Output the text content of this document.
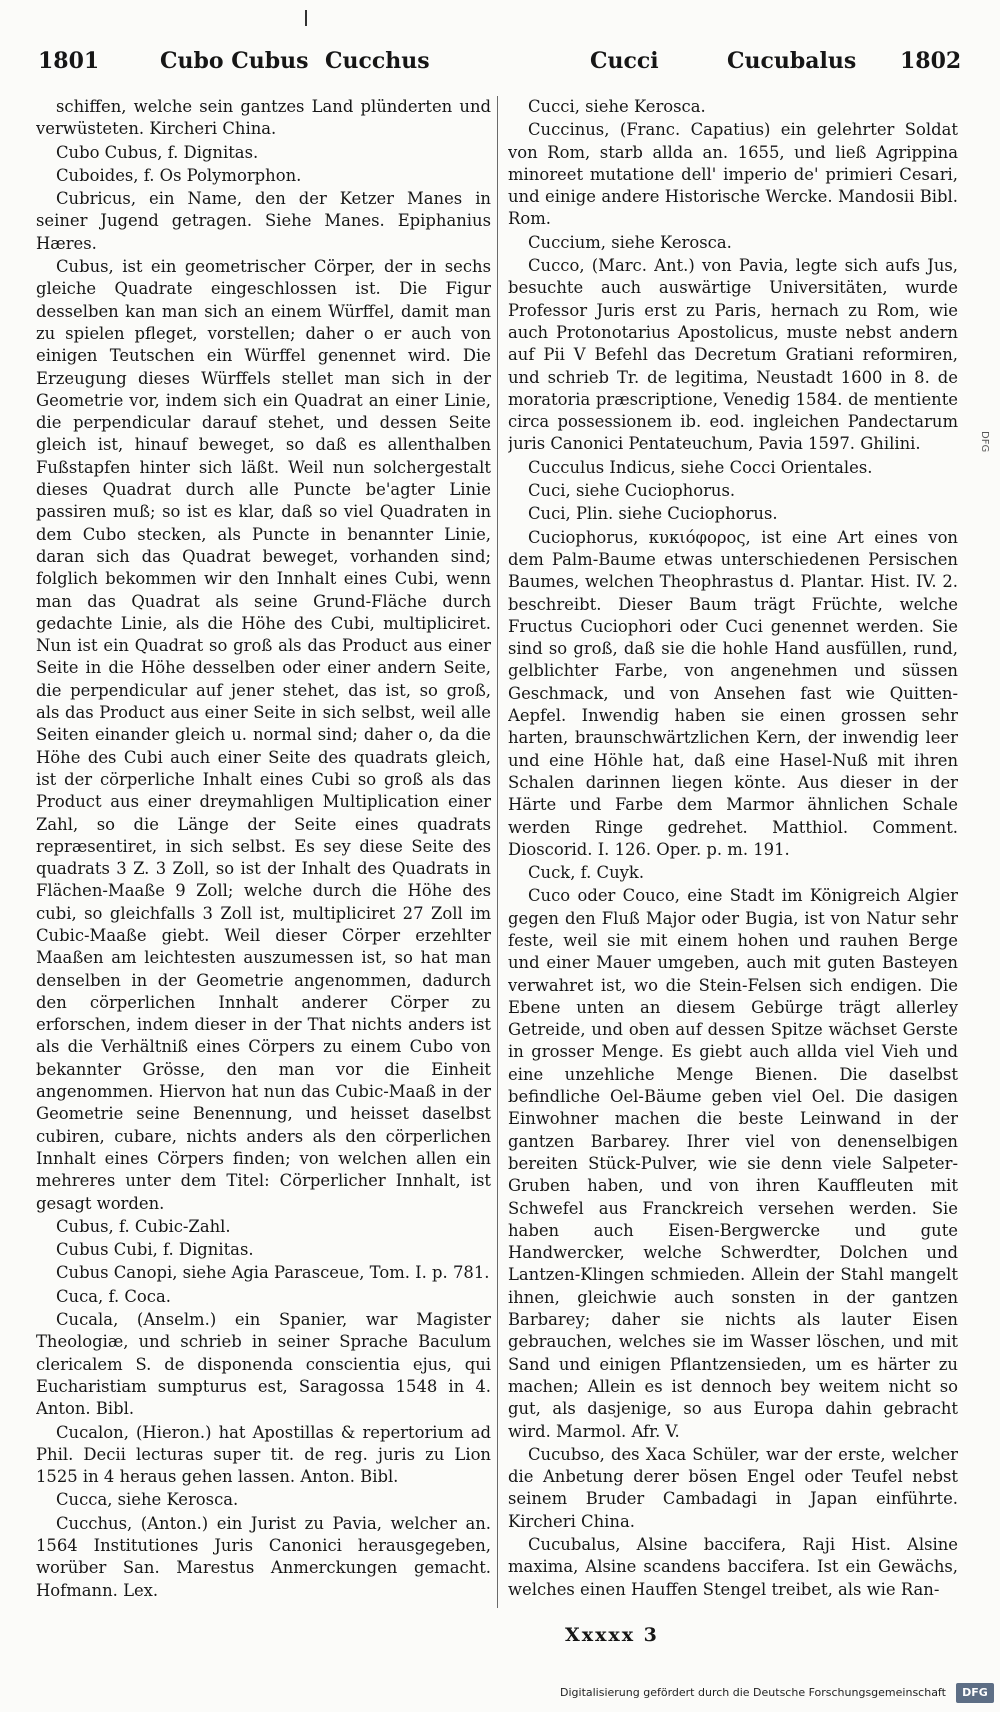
1801	Cubo Cubus Cucchus	Cucci	Cucubalus 1802

schiffen, welche sein gantzes Land plünderten und verwüsteten. Kircheri China.

Cubo Cubus, f. Dignitas.

Cuboides, f. Os Polymorphon.

Cubricus, ein Name, den der Ketzer Manes in seiner Jugend getragen. Siehe Manes. Epiphanius Hæres.

Cubus, ist ein geometrischer Cörper, der in sechs gleiche Quadrate eingeschlossen ist. Die Figur desselben kan man sich an einem Würffel, damit man zu spielen pfleget, vorstellen; daher o er auch von einigen Teutschen ein Würffel genennet wird. Die Erzeugung dieses Würffels stellet man sich in der Geometrie vor, indem sich ein Quadrat an einer Linie, die perpendicular darauf stehet, und dessen Seite gleich ist, hinauf beweget, so daß es allenthalben Fußstapfen hinter sich läßt. Weil nun solchergestalt dieses Quadrat durch alle Puncte be'agter Linie passiren muß; so ist es klar, daß so viel Quadraten in dem Cubo stecken, als Puncte in benannter Linie, daran sich das Quadrat beweget, vorhanden sind; folglich bekommen wir den Innhalt eines Cubi, wenn man das Quadrat als seine Grund-Fläche durch gedachte Linie, als die Höhe des Cubi, multipliciret. Nun ist ein Quadrat so groß als das Product aus einer Seite in die Höhe desselben oder einer andern Seite, die perpendicular auf jener stehet, das ist, so groß, als das Product aus einer Seite in sich selbst, weil alle Seiten einander gleich u. normal sind; daher o, da die Höhe des Cubi auch einer Seite des quadrats gleich, ist der cörperliche Inhalt eines Cubi so groß als das Product aus einer dreymahligen Multiplication einer Zahl, so die Länge der Seite eines quadrats repræsentiret, in sich selbst. Es sey diese Seite des quadrats 3 Z. 3 Zoll, so ist der Inhalt des Quadrats in Flächen-Maaße 9 Zoll; welche durch die Höhe des cubi, so gleichfalls 3 Zoll ist, multipliciret 27 Zoll im Cubic-Maaße giebt. Weil dieser Cörper erzehlter Maaßen am leichtesten auszumessen ist, so hat man denselben in der Geometrie angenommen, dadurch den cörperlichen Innhalt anderer Cörper zu erforschen, indem dieser in der That nichts anders ist als die Verhältniß eines Cörpers zu einem Cubo von bekannter Grösse, den man vor die Einheit angenommen. Hiervon hat nun das Cubic-Maaß in der Geometrie seine Benennung, und heisset daselbst cubiren, cubare, nichts anders als den cörperlichen Innhalt eines Cörpers finden; von welchen allen ein mehreres unter dem Titel: Cörperlicher Innhalt, ist gesagt worden.

Cubus, f. Cubic-Zahl.

Cubus Cubi, f. Dignitas.

Cubus Canopi, siehe Agia Parasceue, Tom. I. p. 781.

Cuca, f. Coca.

Cucala, (Anselm.) ein Spanier, war Magister Theologiæ, und schrieb in seiner Sprache Baculum clericalem S. de disponenda conscientia ejus, qui Eucharistiam sumpturus est, Saragossa 1548 in 4. Anton. Bibl.

Cucalon, (Hieron.) hat Apostillas & repertorium ad Phil. Decii lecturas super tit. de reg. juris zu Lion 1525 in 4 heraus gehen lassen. Anton. Bibl.

Cucca, siehe Kerosca.

Cucchus, (Anton.) ein Jurist zu Pavia, welcher an. 1564 Institutiones Juris Canonici herausgegeben, worüber San. Marestus Anmerckungen gemacht. Hofmann. Lex.

Cucci, siehe Kerosca.

Cuccinus, (Franc. Capatius) ein gelehrter Soldat von Rom, starb allda an. 1655, und ließ Agrippina minoreet mutatione dell' imperio de' primieri Cesari, und einige andere Historische Wercke. Mandosii Bibl. Rom.

Cuccium, siehe Kerosca.

Cucco, (Marc. Ant.) von Pavia, legte sich aufs Jus, besuchte auch auswärtige Universitäten, wurde Professor Juris erst zu Paris, hernach zu Rom, wie auch Protonotarius Apostolicus, muste nebst andern auf Pii V Befehl das Decretum Gratiani reformiren, und schrieb Tr. de legitima, Neustadt 1600 in 8. de moratoria præscriptione, Venedig 1584. de mentiente circa possessionem ib. eod. ingleichen Pandectarum juris Canonici Pentateuchum, Pavia 1597. Ghilini.

Cucculus Indicus, siehe Cocci Orientales.

Cuci, siehe Cuciophorus.

Cuci, Plin. siehe Cuciophorus.

Cuciophorus, κυκιόφορος, ist eine Art eines von dem Palm-Baume etwas unterschiedenen Persischen Baumes, welchen Theophrastus d. Plantar. Hist. IV. 2. beschreibt. Dieser Baum trägt Früchte, welche Fructus Cuciophori oder Cuci genennet werden. Sie sind so groß, daß sie die hohle Hand ausfüllen, rund, gelblichter Farbe, von angenehmen und süssen Geschmack, und von Ansehen fast wie Quitten-Aepfel. Inwendig haben sie einen grossen sehr harten, braunschwärtzlichen Kern, der inwendig leer und eine Höhle hat, daß eine Hasel-Nuß mit ihren Schalen darinnen liegen könte. Aus dieser in der Härte und Farbe dem Marmor ähnlichen Schale werden Ringe gedrehet. Matthiol. Comment. Dioscorid. I. 126. Oper. p. m. 191.

Cuck, f. Cuyk.

Cuco oder Couco, eine Stadt im Königreich Algier gegen den Fluß Major oder Bugia, ist von Natur sehr feste, weil sie mit einem hohen und rauhen Berge und einer Mauer umgeben, auch mit guten Basteyen verwahret ist, wo die Stein-Felsen sich endigen. Die Ebene unten an diesem Gebürge trägt allerley Getreide, und oben auf dessen Spitze wächset Gerste in grosser Menge. Es giebt auch allda viel Vieh und eine unzehliche Menge Bienen. Die daselbst befindliche Oel-Bäume geben viel Oel. Die dasigen Einwohner machen die beste Leinwand in der gantzen Barbarey. Ihrer viel von denenselbigen bereiten Stück-Pulver, wie sie denn viele Salpeter-Gruben haben, und von ihren Kauffleuten mit Schwefel aus Franckreich versehen werden. Sie haben auch Eisen-Bergwercke und gute Handwercker, welche Schwerdter, Dolchen und Lantzen-Klingen schmieden. Allein der Stahl mangelt ihnen, gleichwie auch sonsten in der gantzen Barbarey; daher sie nichts als lauter Eisen gebrauchen, welches sie im Wasser löschen, und mit Sand und einigen Pflantzensieden, um es härter zu machen; Allein es ist dennoch bey weitem nicht so gut, als dasjenige, so aus Europa dahin gebracht wird. Marmol. Afr. V.

Cucubso, des Xaca Schüler, war der erste, welcher die Anbetung derer bösen Engel oder Teufel nebst seinem Bruder Cambadagi in Japan einführte. Kircheri China.

Cucubalus, Alsine baccifera, Raji Hist. Alsine maxima, Alsine scandens baccifera. Ist ein Gewächs, welches einen Hauffen Stengel treibet, als wie Ran-

Xxxxx 3
DFG
Digitalisierung gefördert durch die Deutsche Forschungsgemeinschaft	DFG
